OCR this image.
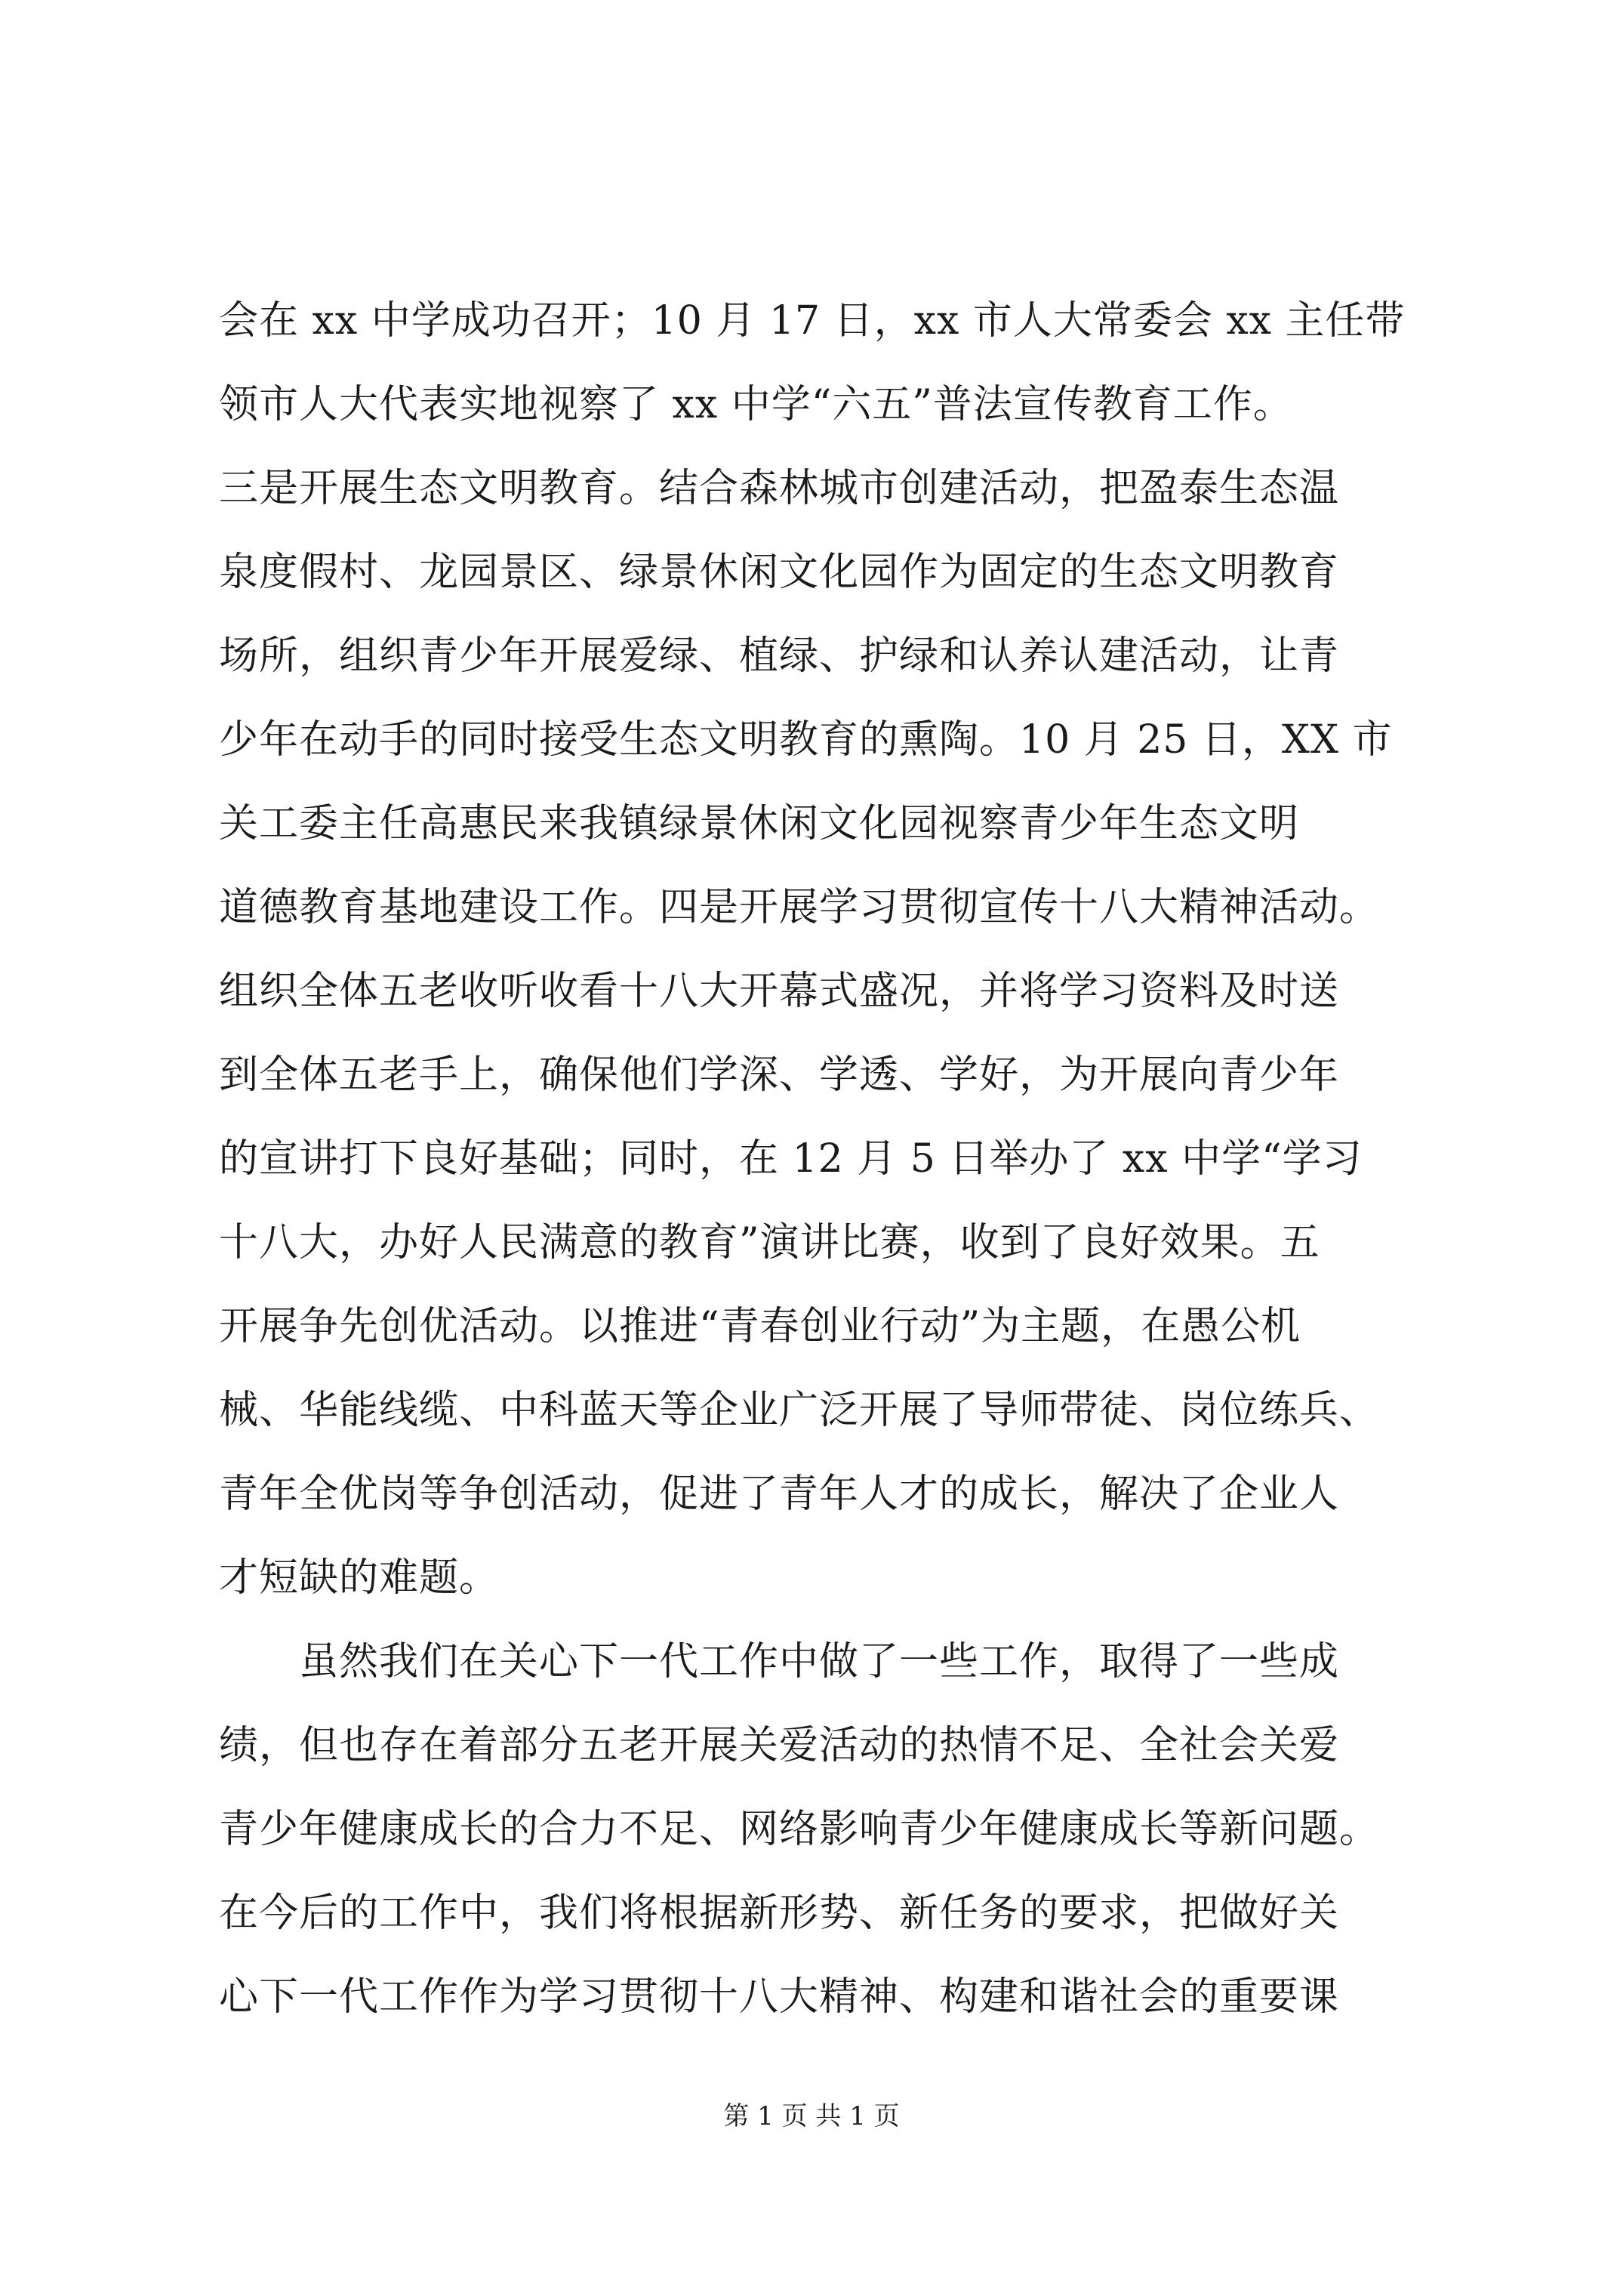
会在 xx 中学成功召开；10 月 17 日，xx 市人大常委会 xx 主任带
领市人大代表实地视察了 xx 中学“六五”普法宣传教育工作。
三是开展生态文明教育。结合森林城市创建活动，把盈泰生态温
泉度假村、龙园景区、绿景休闲文化园作为固定的生态文明教育
场所，组织青少年开展爱绿、植绿、护绿和认养认建活动，让青
少年在动手的同时接受生态文明教育的熏陶。10 月 25 日，XX 市
关工委主任高惠民来我镇绿景休闲文化园视察青少年生态文明
道德教育基地建设工作。四是开展学习贯彻宣传十八大精神活动。
组织全体五老收听收看十八大开幕式盛况，并将学习资料及时送
到全体五老手上，确保他们学深、学透、学好，为开展向青少年
的宣讲打下良好基础；同时，在 12 月 5 日举办了 xx 中学“学习
十八大，办好人民满意的教育”演讲比赛，收到了良好效果。五
开展争先创优活动。以推进“青春创业行动”为主题，在愚公机
械、华能线缆、中科蓝天等企业广泛开展了导师带徒、岗位练兵、
青年全优岗等争创活动，促进了青年人才的成长，解决了企业人
才短缺的难题。
　　虽然我们在关心下一代工作中做了一些工作，取得了一些成
绩，但也存在着部分五老开展关爱活动的热情不足、全社会关爱
青少年健康成长的合力不足、网络影响青少年健康成长等新问题。
在今后的工作中，我们将根据新形势、新任务的要求，把做好关
心下一代工作作为学习贯彻十八大精神、构建和谐社会的重要课
第 1 页 共 1 页
